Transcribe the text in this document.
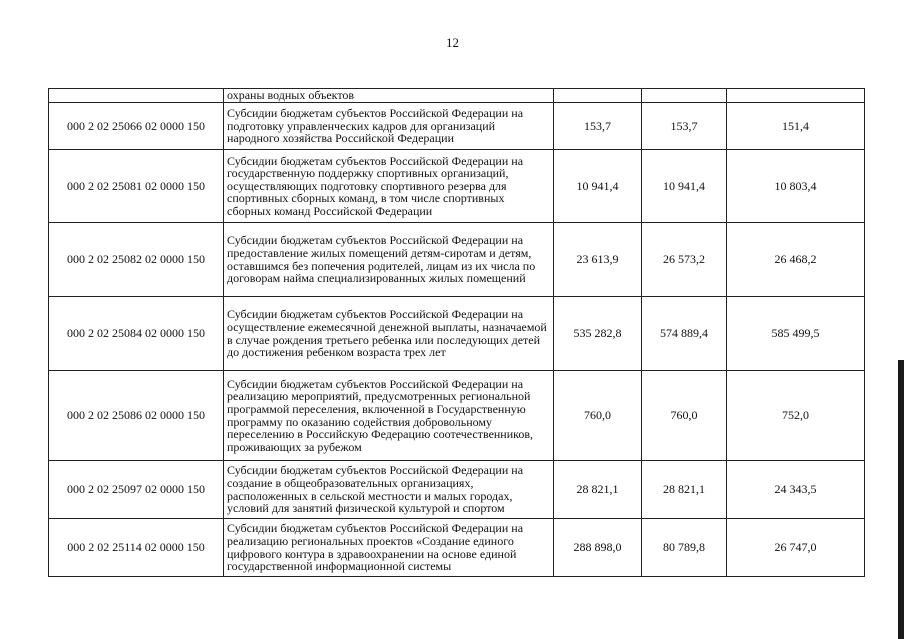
12
	охраны водных объектов			
000 2 02 25066 02 0000 150	Субсидии бюджетам субъектов Российской Федерации на подготовку управленческих кадров для организаций народного хозяйства Российской Федерации	153,7	153,7	151,4
000 2 02 25081 02 0000 150	Субсидии бюджетам субъектов Российской Федерации на государственную поддержку спортивных организаций, осуществляющих подготовку спортивного резерва для спортивных сборных команд, в том числе спортивных сборных команд Российской Федерации	10 941,4	10 941,4	10 803,4
000 2 02 25082 02 0000 150	Субсидии бюджетам субъектов Российской Федерации на предоставление жилых помещений детям-сиротам и детям, оставшимся без попечения родителей, лицам из их числа по договорам найма специализированных жилых помещений	23 613,9	26 573,2	26 468,2
000 2 02 25084 02 0000 150	Субсидии бюджетам субъектов Российской Федерации на осуществление ежемесячной денежной выплаты, назначаемой в случае рождения третьего ребенка или последующих детей до достижения ребенком возраста трех лет	535 282,8	574 889,4	585 499,5
000 2 02 25086 02 0000 150	Субсидии бюджетам субъектов Российской Федерации на реализацию мероприятий, предусмотренных региональной программой переселения, включенной в Государственную программу по оказанию содействия добровольному переселению в Российскую Федерацию соотечественников, проживающих за рубежом	760,0	760,0	752,0
000 2 02 25097 02 0000 150	Субсидии бюджетам субъектов Российской Федерации на создание в общеобразовательных организациях, расположенных в сельской местности и малых городах, условий для занятий физической культурой и спортом	28 821,1	28 821,1	24 343,5
000 2 02 25114 02 0000 150	Субсидии бюджетам субъектов Российской Федерации на реализацию региональных проектов «Создание единого цифрового контура в здравоохранении на основе единой государственной информационной системы	288 898,0	80 789,8	26 747,0
